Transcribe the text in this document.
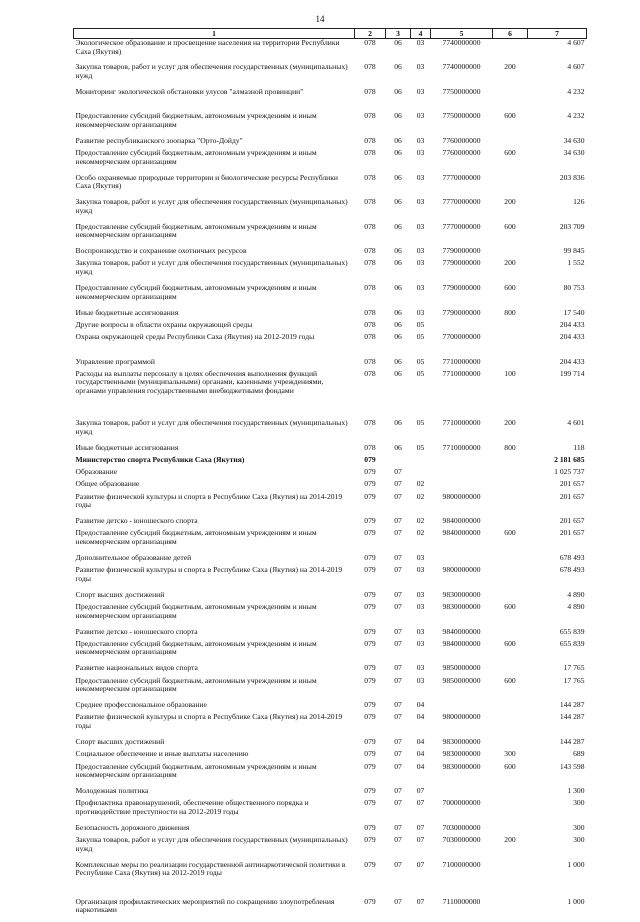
14
1	2	3	4	5	6	7
Экологическое образование и просвещение населения на территории Республики Саха (Якутия)	078	06	03	7740000000		4 607
Закупка товаров, работ и услуг для обеспечения государственных (муниципальных) нужд	078	06	03	7740000000	200	4 607
Мониторинг экологической обстановки улусов "алмазной провинции"	078	06	03	7750000000		4 232
Предоставление субсидий бюджетным, автономным учреждениям и иным некоммерческим организациям	078	06	03	7750000000	600	4 232
Развитие республиканского зоопарка "Орто-Дойду"	078	06	03	7760000000		34 630
Предоставление субсидий бюджетным, автономным учреждениям и иным некоммерческим организациям	078	06	03	7760000000	600	34 630
Особо охраняемые природные территории и биологические ресурсы Республики Саха (Якутия)	078	06	03	7770000000		203 836
Закупка товаров, работ и услуг для обеспечения государственных (муниципальных) нужд	078	06	03	7770000000	200	126
Предоставление субсидий бюджетным, автономным учреждениям и иным некоммерческим организациям	078	06	03	7770000000	600	203 709
Воспроизводство и сохранение охотничьих ресурсов	078	06	03	7790000000		99 845
Закупка товаров, работ и услуг для обеспечения государственных (муниципальных) нужд	078	06	03	7790000000	200	1 552
Предоставление субсидий бюджетным, автономным учреждениям и иным некоммерческим организациям	078	06	03	7790000000	600	80 753
Иные бюджетные ассигнования	078	06	03	7790000000	800	17 540
Другие вопросы в области охраны окружающей среды	078	06	05			204 433
Охрана окружающей среды Республики Саха (Якутия) на 2012-2019 годы	078	06	05	7700000000		204 433
Управление программой	078	06	05	7710000000		204 433
Расходы на выплаты персоналу в целях обеспечения выполнения функций государственными (муниципальными) органами, казенными учреждениями, органами управления государственными внебюджетными фондами	078	06	05	7710000000	100	199 714
Закупка товаров, работ и услуг для обеспечения государственных (муниципальных) нужд	078	06	05	7710000000	200	4 601
Иные бюджетные ассигнования	078	06	05	7710000000	800	118
Министерство спорта Республики Саха (Якутия)	079					2 181 685
Образование	079	07				1 025 737
Общее образование	079	07	02			201 657
Развитие физической культуры и спорта в Республике Саха (Якутия) на 2014-2019 годы	079	07	02	9800000000		201 657
Развитие детско - юношеского спорта	079	07	02	9840000000		201 657
Предоставление субсидий бюджетным, автономным учреждениям и иным некоммерческим организациям	079	07	02	9840000000	600	201 657
Дополнительное образование детей	079	07	03			678 493
Развитие физической культуры и спорта в Республике Саха (Якутия) на 2014-2019 годы	079	07	03	9800000000		678 493
Спорт высших достижений	079	07	03	9830000000		4 890
Предоставление субсидий бюджетным, автономным учреждениям и иным некоммерческим организациям	079	07	03	9830000000	600	4 890
Развитие детско - юношеского спорта	079	07	03	9840000000		655 839
Предоставление субсидий бюджетным, автономным учреждениям и иным некоммерческим организациям	079	07	03	9840000000	600	655 839
Развитие национальных видов спорта	079	07	03	9850000000		17 765
Предоставление субсидий бюджетным, автономным учреждениям и иным некоммерческим организациям	079	07	03	9850000000	600	17 765
Среднее профессиональное образование	079	07	04			144 287
Развитие физической культуры и спорта в Республике Саха (Якутия) на 2014-2019 годы	079	07	04	9800000000		144 287
Спорт высших достижений	079	07	04	9830000000		144 287
Социальное обеспечение и иные выплаты населению	079	07	04	9830000000	300	689
Предоставление субсидий бюджетным, автономным учреждениям и иным некоммерческим организациям	079	07	04	9830000000	600	143 598
Молодежная политика	079	07	07			1 300
Профилактика правонарушений, обеспечение общественного порядка и противодействие преступности на 2012-2019 годы	079	07	07	7000000000		300
Безопасность дорожного движения	079	07	07	7030000000		300
Закупка товаров, работ и услуг для обеспечения государственных (муниципальных) нужд	079	07	07	7030000000	200	300
Комплексные меры по реализации государственной антинаркотической политики в Республике Саха (Якутия) на 2012-2019 годы	079	07	07	7100000000		1 000
Организация профилактических мероприятий по сокращению злоупотребления наркотиками	079	07	07	7110000000		1 000
